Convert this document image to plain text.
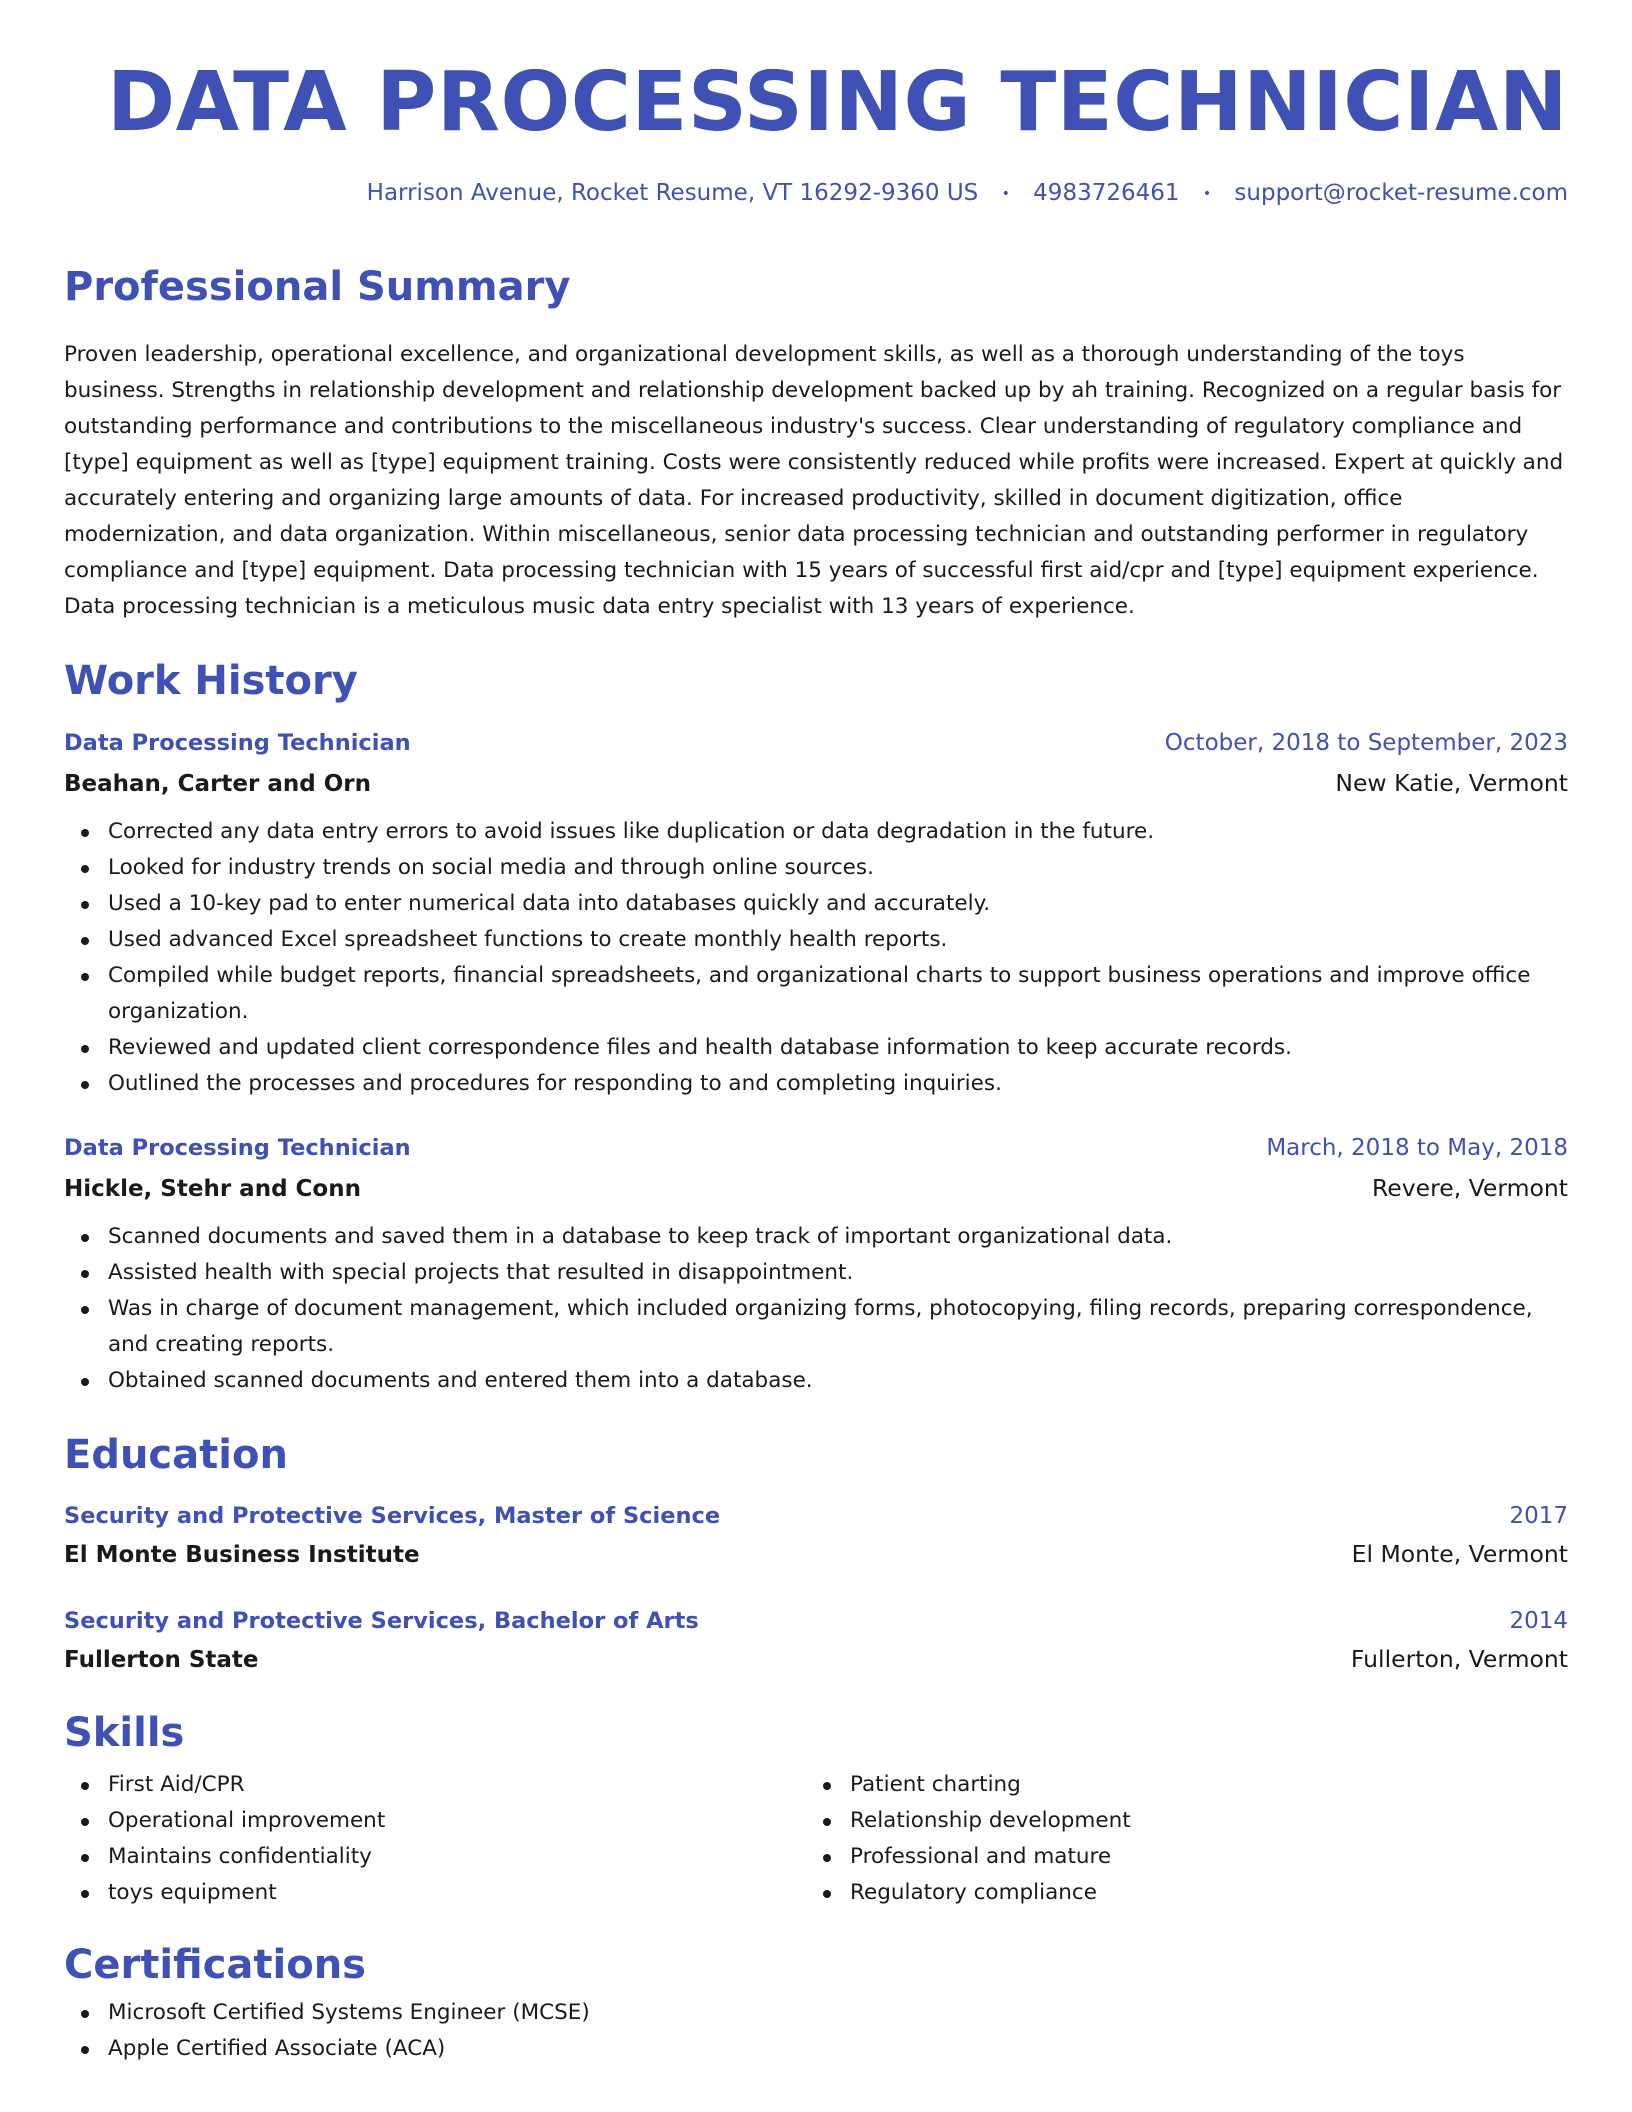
DATA PROCESSING TECHNICIAN
Harrison Avenue, Rocket Resume, VT 16292-9360 US • 4983726461 • support@rocket-resume.com
Professional Summary
Proven leadership, operational excellence, and organizational development skills, as well as a thorough understanding of the toys business. Strengths in relationship development and relationship development backed up by ah training. Recognized on a regular basis for outstanding performance and contributions to the miscellaneous industry's success. Clear understanding of regulatory compliance and [type] equipment as well as [type] equipment training. Costs were consistently reduced while profits were increased. Expert at quickly and accurately entering and organizing large amounts of data. For increased productivity, skilled in document digitization, office modernization, and data organization. Within miscellaneous, senior data processing technician and outstanding performer in regulatory compliance and [type] equipment. Data processing technician with 15 years of successful first aid/cpr and [type] equipment experience. Data processing technician is a meticulous music data entry specialist with 13 years of experience.
Work History
Data Processing Technician	October, 2018 to September, 2023
Beahan, Carter and Orn	New Katie, Vermont
Corrected any data entry errors to avoid issues like duplication or data degradation in the future.
Looked for industry trends on social media and through online sources.
Used a 10-key pad to enter numerical data into databases quickly and accurately.
Used advanced Excel spreadsheet functions to create monthly health reports.
Compiled while budget reports, financial spreadsheets, and organizational charts to support business operations and improve office organization.
Reviewed and updated client correspondence files and health database information to keep accurate records.
Outlined the processes and procedures for responding to and completing inquiries.
Data Processing Technician	March, 2018 to May, 2018
Hickle, Stehr and Conn	Revere, Vermont
Scanned documents and saved them in a database to keep track of important organizational data.
Assisted health with special projects that resulted in disappointment.
Was in charge of document management, which included organizing forms, photocopying, filing records, preparing correspondence, and creating reports.
Obtained scanned documents and entered them into a database.
Education
Security and Protective Services, Master of Science	2017
El Monte Business Institute	El Monte, Vermont
Security and Protective Services, Bachelor of Arts	2014
Fullerton State	Fullerton, Vermont
Skills
First Aid/CPR
Operational improvement
Maintains confidentiality
toys equipment
Patient charting
Relationship development
Professional and mature
Regulatory compliance
Certifications
Microsoft Certified Systems Engineer (MCSE)
Apple Certified Associate (ACA)
